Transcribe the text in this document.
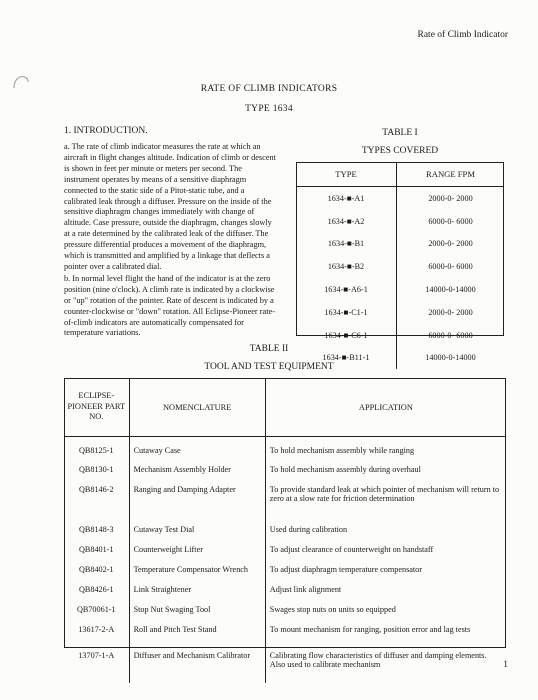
Rate of Climb Indicator
RATE OF CLIMB INDICATORS
TYPE 1634
1. INTRODUCTION.

a. The rate of climb indicator measures the rate at which an aircraft in flight changes altitude. Indication of climb or descent is shown in feet per minute or meters per second. The instrument operates by means of a sensitive diaphragm connected to the static side of a Pitot-static tube, and a calibrated leak through a diffuser. Pressure on the inside of the sensitive diaphragm changes immediately with change of altitude. Case pressure, outside the diaphragm, changes slowly at a rate determined by the calibrated leak of the diffuser. The pressure differential produces a movement of the diaphragm, which is transmitted and amplified by a linkage that deflects a pointer over a calibrated dial.

b. In normal level flight the hand of the indicator is at the zero position (nine o'clock). A climb rate is indicated by a clockwise or "up" rotation of the pointer. Rate of descent is indicated by a counter-clockwise or "down" rotation. All Eclipse-Pioneer rate-of-climb indicators are automatically compensated for temperature variations.

TABLE I
TYPES COVERED
TYPE	RANGE FPM
1634-■-A1	2000-0- 2000
1634-■-A2	6000-0- 6000
1634-■-B1	2000-0- 2000
1634-■-B2	6000-0- 6000
1634-■-A6-1	14000-0-14000
1634-■-C1-1	2000-0- 2000
1634-■-C6-1	6000-0- 6000
1634-■-B11-1	14000-0-14000
TABLE II
TOOL AND TEST EQUIPMENT
ECLIPSE-PIONEER PART NO.	NOMENCLATURE	APPLICATION
QB8125-1	Cutaway Case	To hold mechanism assembly while ranging
QB8130-1	Mechanism Assembly Holder	To hold mechanism assembly during overhaul
QB8146-2	Ranging and Damping Adapter	To provide standard leak at which pointer of mechanism will return to zero at a slow rate for friction determination
QB8148-3	Cutaway Test Dial	Used during calibration
QB8401-1	Counterweight Lifter	To adjust clearance of counterweight on handstaff
QB8402-1	Temperature Compensator Wrench	To adjust diaphragm temperature compensator
QB8426-1	Link Straightener	Adjust link alignment
QB70061-1	Stop Nut Swaging Tool	Swages stop nuts on units so equipped
13617-2-A	Roll and Pitch Test Stand	To mount mechanism for ranging, position error and lag tests
13707-1-A	Diffuser and Mechanism Calibrator	Calibrating flow characteristics of diffuser and damping elements. Also used to calibrate mechanism	1
